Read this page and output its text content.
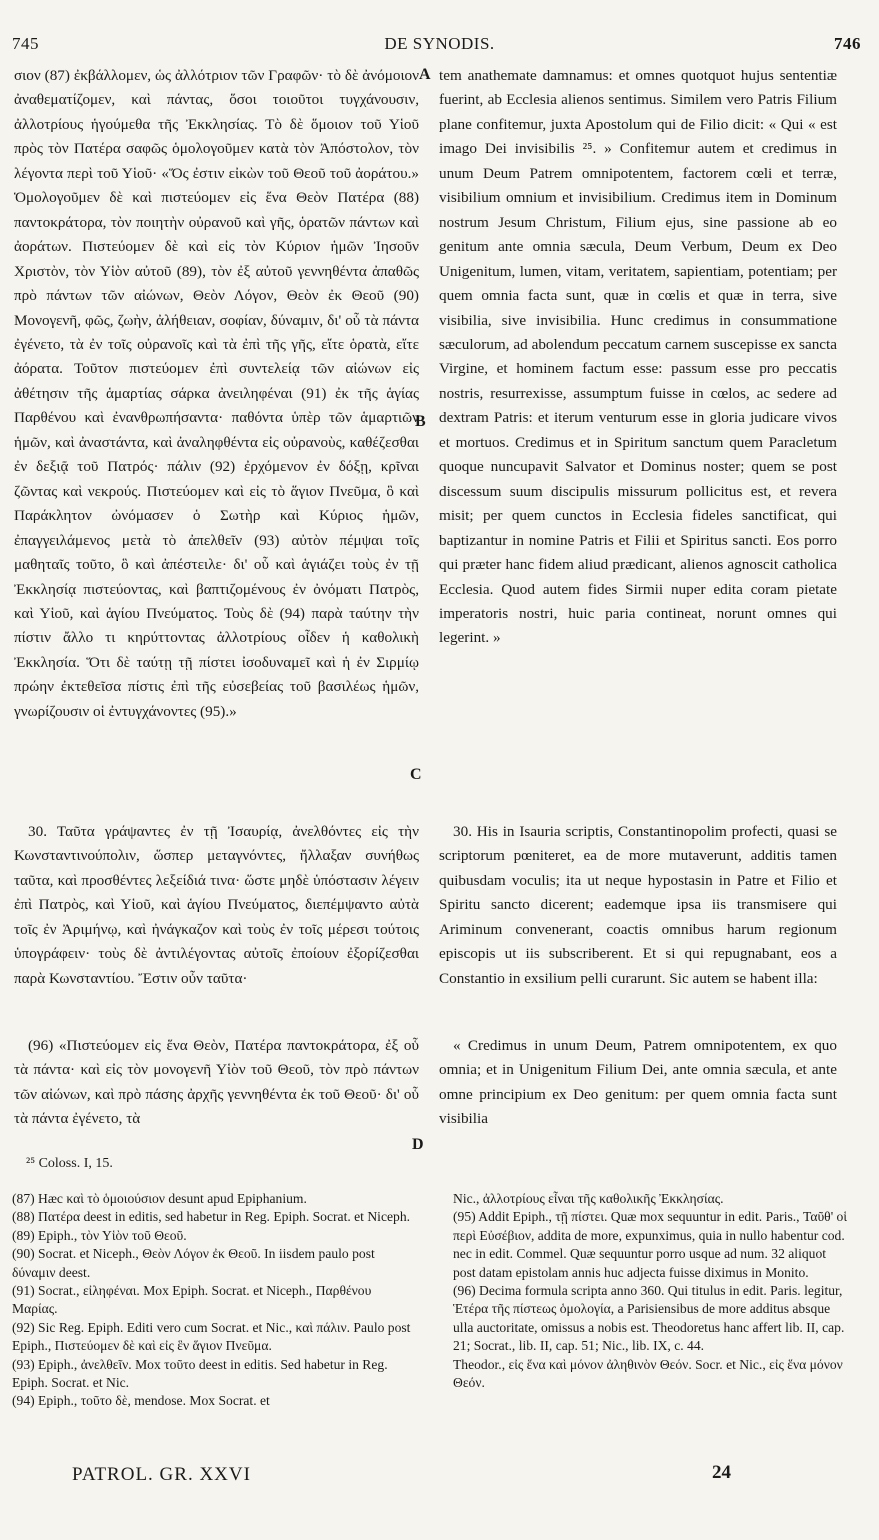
745	DE SYNODIS.	746

σιον (87) ἐκβάλλομεν, ὡς ἀλλότριον τῶν Γραφῶν· τὸ δὲ ἀνόμοιον ἀναθεματίζομεν, καὶ πάντας, ὅσοι τοιοῦτοι τυγχάνουσιν, ἀλλοτρίους ἡγούμεθα τῆς Ἐκκλησίας. Τὸ δὲ ὅμοιον τοῦ Υἱοῦ πρὸς τὸν Πατέρα σαφῶς ὁμολογοῦμεν κατὰ τὸν Ἀπόστολον, τὸν λέγοντα περὶ τοῦ Υἱοῦ· «Ὅς ἐστιν εἰκὼν τοῦ Θεοῦ τοῦ ἀοράτου.» Ὁμολογοῦμεν δὲ καὶ πιστεύομεν εἰς ἕνα Θεὸν Πατέρα (88) παντοκράτορα, τὸν ποιητὴν οὐρανοῦ καὶ γῆς, ὁρατῶν πάντων καὶ ἀοράτων. Πιστεύομεν δὲ καὶ εἰς τὸν Κύριον ἡμῶν Ἰησοῦν Χριστὸν, τὸν Υἱὸν αὐτοῦ (89), τὸν ἐξ αὐτοῦ γεννηθέντα ἀπαθῶς πρὸ πάντων τῶν αἰώνων, Θεὸν Λόγον, Θεὸν ἐκ Θεοῦ (90) Μονογενῆ, φῶς, ζωὴν, ἀλήθειαν, σοφίαν, δύναμιν, δι' οὗ τὰ πάντα ἐγένετο, τὰ ἐν τοῖς οὐρανοῖς καὶ τὰ ἐπὶ τῆς γῆς, εἴτε ὁρατὰ, εἴτε ἀόρατα. Τοῦτον πιστεύομεν ἐπὶ συντελείᾳ τῶν αἰώνων εἰς ἀθέτησιν τῆς ἁμαρτίας σάρκα ἀνειληφέναι (91) ἐκ τῆς ἁγίας Παρθένου καὶ ἐνανθρωπήσαντα· παθόντα ὑπὲρ τῶν ἁμαρτιῶν ἡμῶν, καὶ ἀναστάντα, καὶ ἀναληφθέντα εἰς οὐρανοὺς, καθέζεσθαι ἐν δεξιᾷ τοῦ Πατρός· πάλιν (92) ἐρχόμενον ἐν δόξῃ, κρῖναι ζῶντας καὶ νεκρούς. Πιστεύομεν καὶ εἰς τὸ ἅγιον Πνεῦμα, ὃ καὶ Παράκλητον ὠνόμασεν ὁ Σωτὴρ καὶ Κύριος ἡμῶν, ἐπαγγειλάμενος μετὰ τὸ ἀπελθεῖν (93) αὐτὸν πέμψαι τοῖς μαθηταῖς τοῦτο, ὃ καὶ ἀπέστειλε· δι' οὗ καὶ ἁγιάζει τοὺς ἐν τῇ Ἐκκλησίᾳ πιστεύοντας, καὶ βαπτιζομένους ἐν ὀνόματι Πατρὸς, καὶ Υἱοῦ, καὶ ἁγίου Πνεύματος. Τοὺς δὲ (94) παρὰ ταύτην τὴν πίστιν ἄλλο τι κηρύττοντας ἀλλοτρίους οἶδεν ἡ καθολικὴ Ἐκκλησία. Ὅτι δὲ ταύτῃ τῇ πίστει ἰσοδυναμεῖ καὶ ἡ ἐν Σιρμίῳ πρώην ἐκτεθεῖσα πίστις ἐπὶ τῆς εὐσεβείας τοῦ βασιλέως ἡμῶν, γνωρίζουσιν οἱ ἐντυγχάνοντες (95).»

30. Ταῦτα γράψαντες ἐν τῇ Ἰσαυρίᾳ, ἀνελθόντες εἰς τὴν Κωνσταντινούπολιν, ὥσπερ μεταγνόντες, ἤλλαξαν συνήθως ταῦτα, καὶ προσθέντες λεξείδιά τινα· ὥστε μηδὲ ὑπόστασιν λέγειν ἐπὶ Πατρὸς, καὶ Υἱοῦ, καὶ ἁγίου Πνεύματος, διεπέμψαντο αὐτὰ τοῖς ἐν Ἀριμήνῳ, καὶ ἠνάγκαζον καὶ τοὺς ἐν τοῖς μέρεσι τούτοις ὑπογράφειν· τοὺς δὲ ἀντιλέγοντας αὐτοῖς ἐποίουν ἐξορίζεσθαι παρὰ Κωνσταντίου. Ἔστιν οὖν ταῦτα·

(96) «Πιστεύομεν εἰς ἕνα Θεὸν, Πατέρα παντοκράτορα, ἐξ οὗ τὰ πάντα· καὶ εἰς τὸν μονογενῆ Υἱὸν τοῦ Θεοῦ, τὸν πρὸ πάντων τῶν αἰώνων, καὶ πρὸ πάσης ἀρχῆς γεννηθέντα ἐκ τοῦ Θεοῦ· δι' οὗ τὰ πάντα ἐγένετο, τὰ

A
B
C
D

tem anathemate damnamus: et omnes quotquot hujus sententiæ fuerint, ab Ecclesia alienos sentimus. Similem vero Patris Filium plane confitemur, juxta Apostolum qui de Filio dicit: « Qui « est imago Dei invisibilis ²⁵. » Confitemur autem et credimus in unum Deum Patrem omnipotentem, factorem cœli et terræ, visibilium omnium et invisibilium. Credimus item in Dominum nostrum Jesum Christum, Filium ejus, sine passione ab eo genitum ante omnia sæcula, Deum Verbum, Deum ex Deo Unigenitum, lumen, vitam, veritatem, sapientiam, potentiam; per quem omnia facta sunt, quæ in cœlis et quæ in terra, sive visibilia, sive invisibilia. Hunc credimus in consummatione sæculorum, ad abolendum peccatum carnem suscepisse ex sancta Virgine, et hominem factum esse: passum esse pro peccatis nostris, resurrexisse, assumptum fuisse in cœlos, ac sedere ad dextram Patris: et iterum venturum esse in gloria judicare vivos et mortuos. Credimus et in Spiritum sanctum quem Paracletum quoque nuncupavit Salvator et Dominus noster; quem se post discessum suum discipulis missurum pollicitus est, et revera misit; per quem cunctos in Ecclesia fideles sanctificat, qui baptizantur in nomine Patris et Filii et Spiritus sancti. Eos porro qui præter hanc fidem aliud prædicant, alienos agnoscit catholica Ecclesia. Quod autem fides Sirmii nuper edita coram pietate imperatoris nostri, huic paria contineat, norunt omnes qui legerint. »

30. His in Isauria scriptis, Constantinopolim profecti, quasi se scriptorum pœniteret, ea de more mutaverunt, additis tamen quibusdam voculis; ita ut neque hypostasin in Patre et Filio et Spiritu sancto dicerent; eademque ipsa iis transmisere qui Ariminum convenerant, coactis omnibus harum regionum episcopis ut iis subscriberent. Et si qui repugnabant, eos a Constantio in exsilium pelli curarunt. Sic autem se habent illa:

« Credimus in unum Deum, Patrem omnipotentem, ex quo omnia; et in Unigenitum Filium Dei, ante omnia sæcula, et ante omne principium ex Deo genitum: per quem omnia facta sunt visibilia

²⁵ Coloss. I, 15.

(87) Hæc καὶ τὸ ὁμοιούσιον desunt apud Epiphanium.

(88) Πατέρα deest in editis, sed habetur in Reg. Epiph. Socrat. et Niceph.

(89) Epiph., τὸν Υἱὸν τοῦ Θεοῦ.

(90) Socrat. et Niceph., Θεὸν Λόγον ἐκ Θεοῦ. In iisdem paulo post δύναμιν deest.

(91) Socrat., εἰληφέναι. Mox Epiph. Socrat. et Niceph., Παρθένου Μαρίας.

(92) Sic Reg. Epiph. Editi vero cum Socrat. et Nic., καὶ πάλιν. Paulo post Epiph., Πιστεύομεν δὲ καὶ εἰς ἓν ἅγιον Πνεῦμα.

(93) Epiph., ἀνελθεῖν. Mox τοῦτο deest in editis. Sed habetur in Reg. Epiph. Socrat. et Nic.

(94) Epiph., τοῦτο δὲ, mendose. Mox Socrat. et

Nic., ἀλλοτρίους εἶναι τῆς καθολικῆς Ἐκκλησίας.

(95) Addit Epiph., τῇ πίστει. Quæ mox sequuntur in edit. Paris., Ταῦθ' οἱ περὶ Εὐσέβιον, addita de more, expunximus, quia in nullo habentur cod. nec in edit. Commel. Quæ sequuntur porro usque ad num. 32 aliquot post datam epistolam annis huc adjecta fuisse diximus in Monito.

(96) Decima formula scripta anno 360. Qui titulus in edit. Paris. legitur, Ἑτέρα τῆς πίστεως ὁμολογία, a Parisiensibus de more additus absque ulla auctoritate, omissus a nobis est. Theodoretus hanc affert lib. II, cap. 21; Socrat., lib. II, cap. 51; Nic., lib. IX, c. 44.

Theodor., εἰς ἕνα καὶ μόνον ἀληθινὸν Θεόν. Socr. et Nic., εἰς ἕνα μόνον Θεόν.

PATROL. GR. XXVI	24
